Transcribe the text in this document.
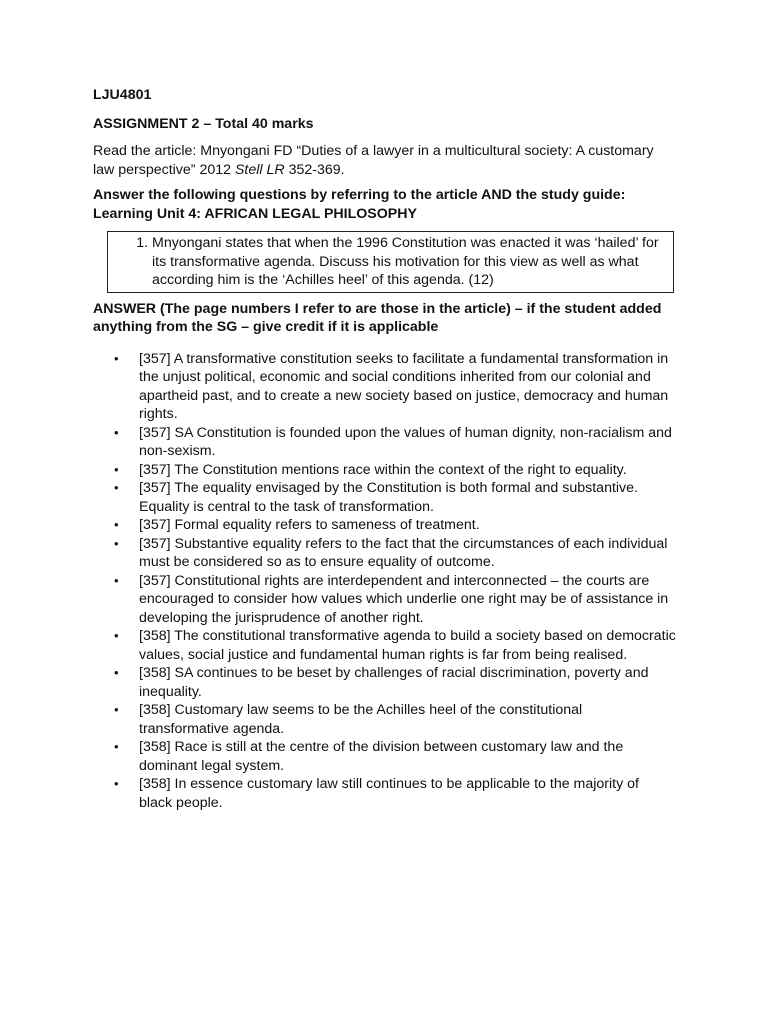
LJU4801

ASSIGNMENT 2 – Total 40 marks

Read the article: Mnyongani FD “Duties of a lawyer in a multicultural society: A customary law perspective” 2012 Stell LR 352-369.

Answer the following questions by referring to the article AND the study guide:
Learning Unit 4: AFRICAN LEGAL PHILOSOPHY

1. Mnyongani states that when the 1996 Constitution was enacted it was ‘hailed’ for its transformative agenda. Discuss his motivation for this view as well as what according him is the ‘Achilles heel’ of this agenda. (12)

ANSWER (The page numbers I refer to are those in the article) – if the student added anything from the SG – give credit if it is applicable

• [357] A transformative constitution seeks to facilitate a fundamental transformation in the unjust political, economic and social conditions inherited from our colonial and apartheid past, and to create a new society based on justice, democracy and human rights.
• [357] SA Constitution is founded upon the values of human dignity, non-racialism and non-sexism.
• [357] The Constitution mentions race within the context of the right to equality.
• [357] The equality envisaged by the Constitution is both formal and substantive. Equality is central to the task of transformation.
• [357] Formal equality refers to sameness of treatment.
• [357] Substantive equality refers to the fact that the circumstances of each individual must be considered so as to ensure equality of outcome.
• [357] Constitutional rights are interdependent and interconnected – the courts are encouraged to consider how values which underlie one right may be of assistance in developing the jurisprudence of another right.
• [358] The constitutional transformative agenda to build a society based on democratic values, social justice and fundamental human rights is far from being realised.
• [358] SA continues to be beset by challenges of racial discrimination, poverty and inequality.
• [358] Customary law seems to be the Achilles heel of the constitutional transformative agenda.
• [358] Race is still at the centre of the division between customary law and the dominant legal system.
• [358] In essence customary law still continues to be applicable to the majority of black people.
